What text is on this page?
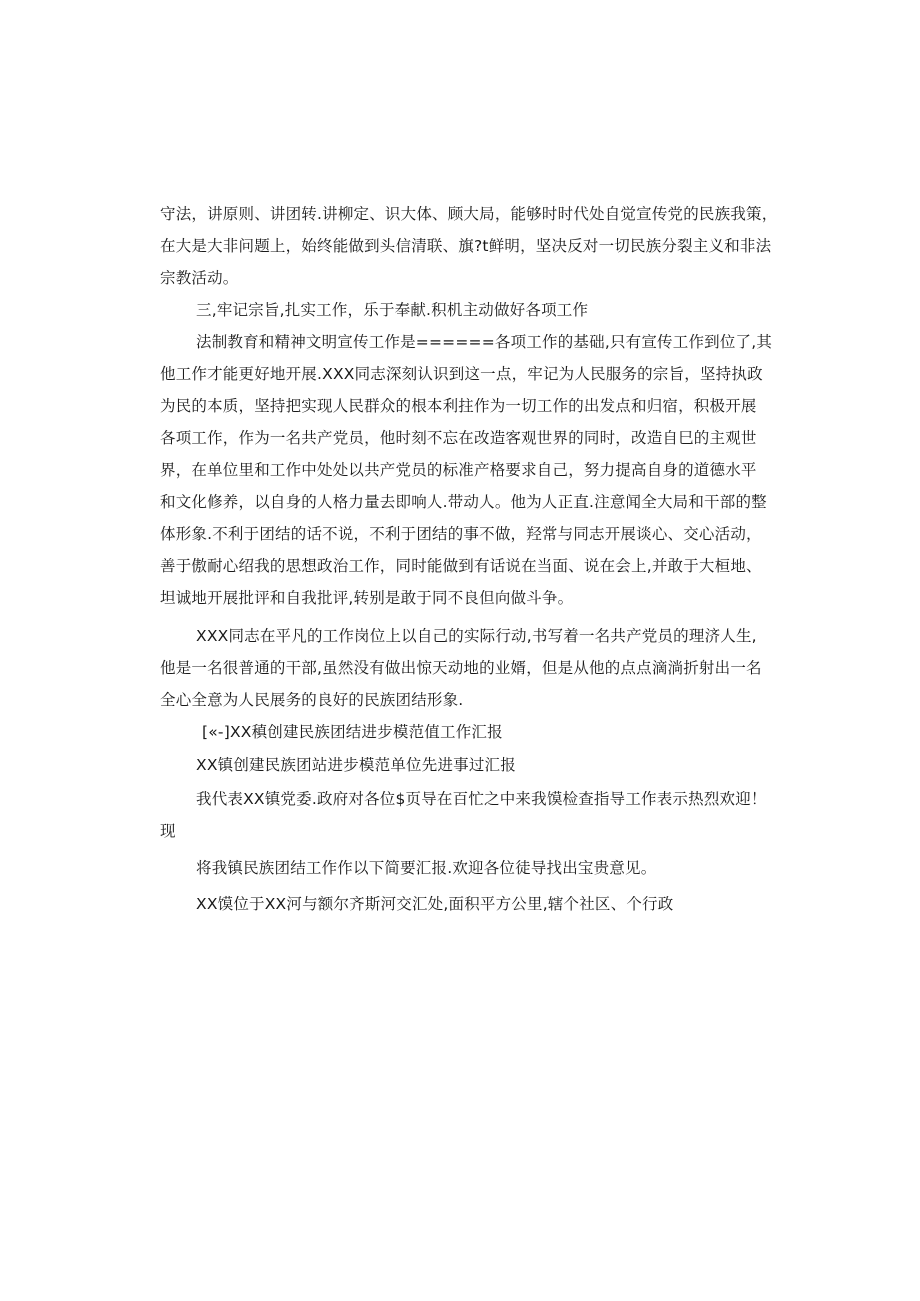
守法，讲原则、讲团转.讲柳定、识大体、顾大局，能够时时代处自觉宣传党的民族我策，
在大是大非问题上，始终能做到头信清联、旗?t鲜明，坚决反对一切民族分裂主义和非法
宗教活动。
三,牢记宗旨,扎实工作，乐于奉献.积机主动做好各项工作
法制教育和精神文明宣传工作是======各项工作的基础,只有宣传工作到位了,其
他工作才能更好地开展.XXX同志深刻认识到这一点，牢记为人民服务的宗旨，坚持执政
为民的本质，坚持把实现人民群众的根本利拄作为一切工作的出发点和归宿，积极开展
各项工作，作为一名共产党员，他时刻不忘在改造客观世界的同时，改造自巳的主观世
界，在单位里和工作中处处以共产党员的标准产格要求自己，努力提高自身的道德水平
和文化修养，以自身的人格力量去即响人.带动人。他为人正直.注意闻全大局和干部的整
体形象.不利于团结的话不说，不利于团结的事不做，羟常与同志开展谈心、交心活动，
善于傲耐心绍我的思想政治工作，同时能做到有话说在当面、说在会上,并敢于大桓地、
坦诚地开展批评和自我批评,转别是敢于同不良但向做斗争。
XXX同志在平凡的工作岗位上以自己的实际行动,书写着一名共产党员的理济人生,
他是一名很普通的干部,虽然没有做出惊天动地的业婿，但是从他的点点滴淌折射出一名
全心全意为人民展务的良好的民族团结形象.
[«-]XX稹创建民族团结进步模范值工作汇报
XX镇创建民族团站进步模范单位先进事过汇报
我代表XX镇党委.政府对各位$页导在百忙之中来我馍检查指导工作表示热烈欢迎！
现
将我镇民族团结工作作以下简要汇报.欢迎各位徒导找出宝贵意见。
XX馍位于XX河与额尔齐斯河交汇处,面积平方公里,辖个社区、个行政
